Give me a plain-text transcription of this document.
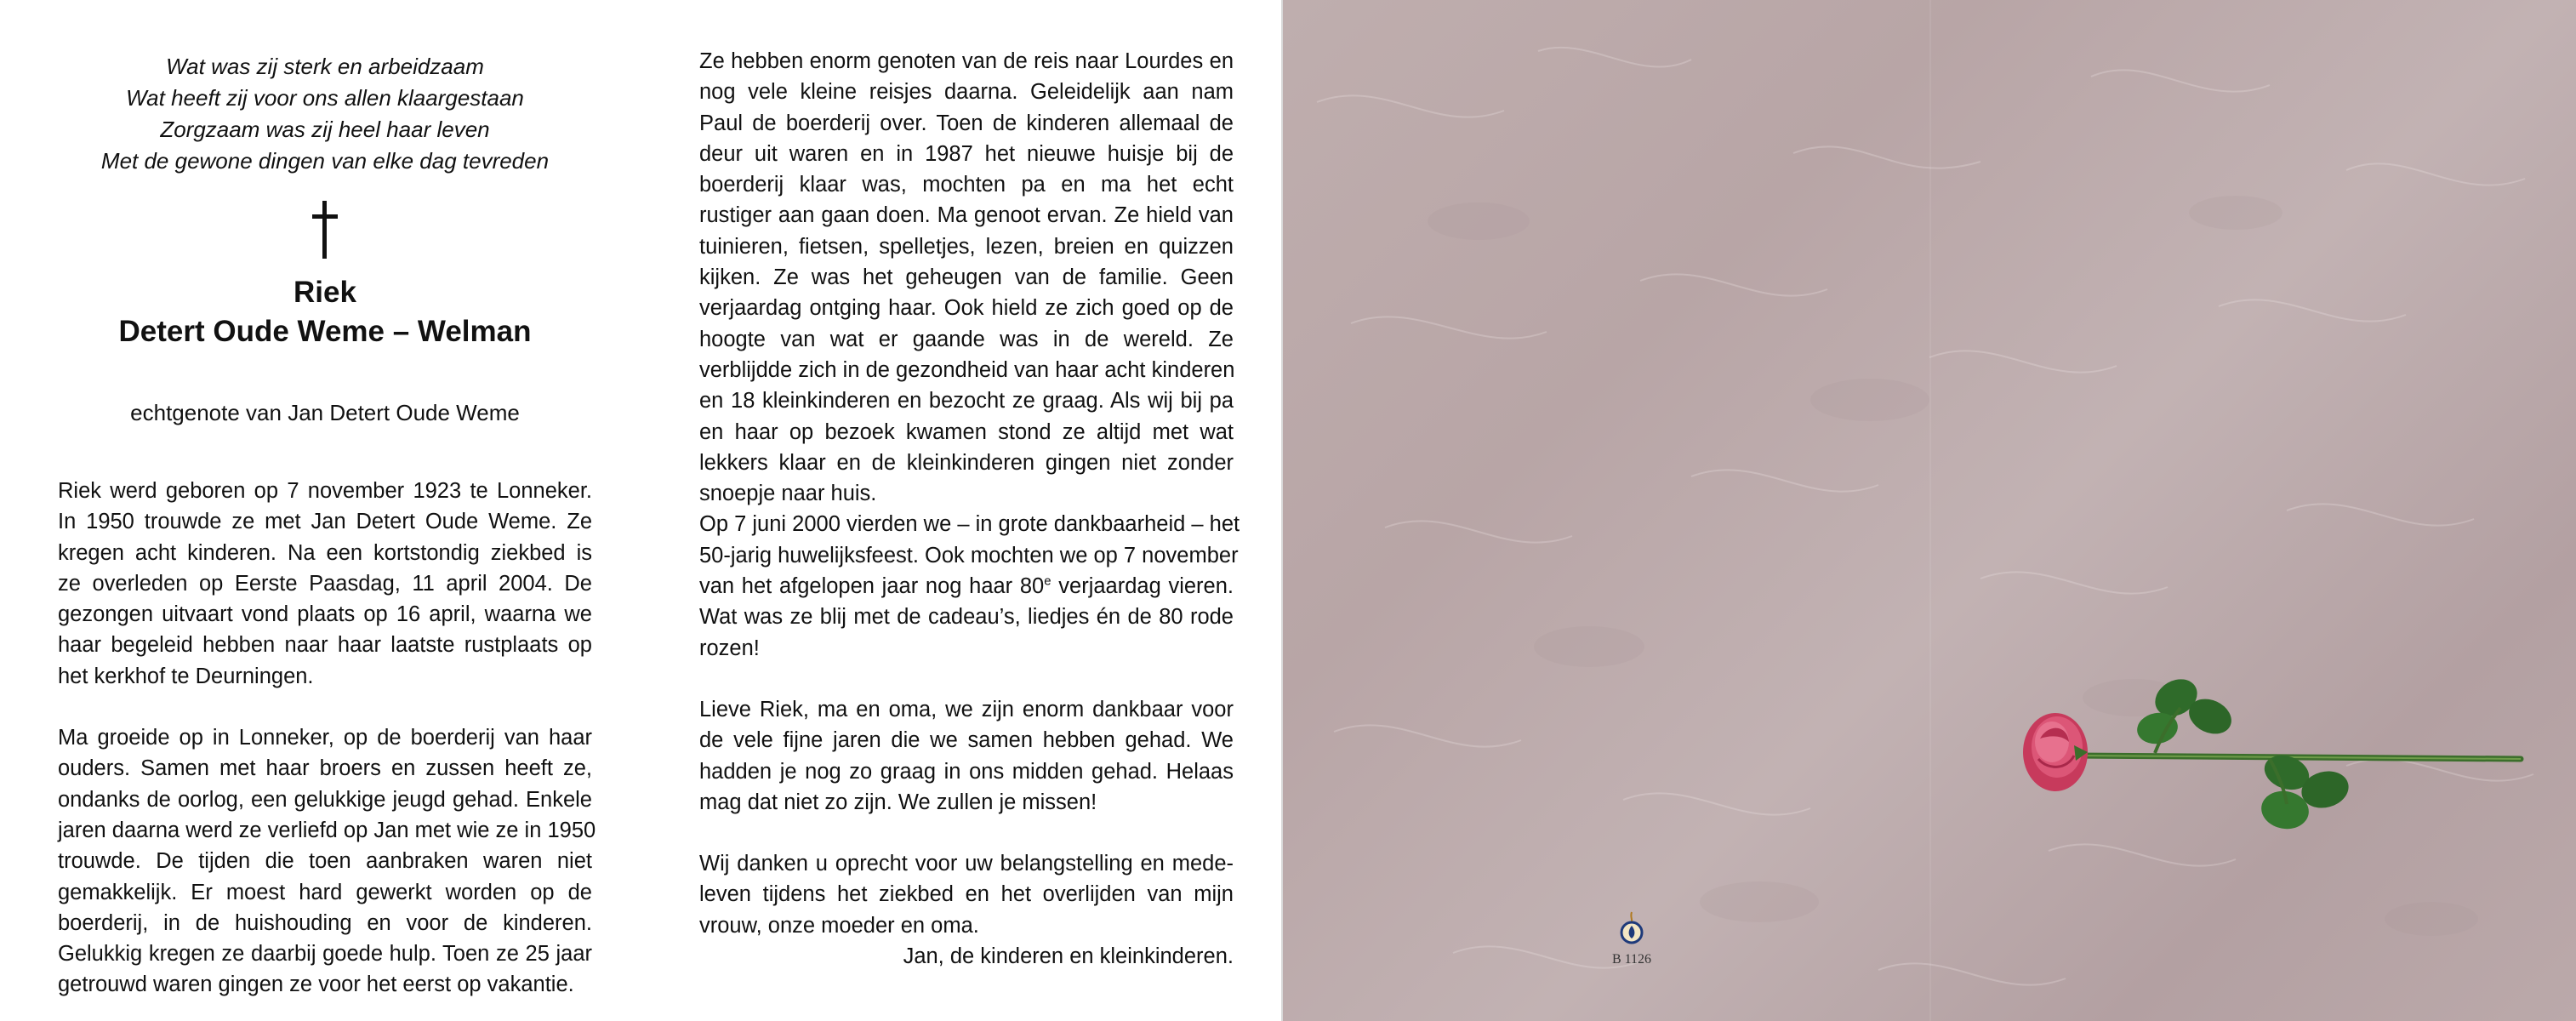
Wat was zij sterk en arbeidzaam
Wat heeft zij voor ons allen klaargestaan
Zorgzaam was zij heel haar leven
Met de gewone dingen van elke dag tevreden
Riek
Detert Oude Weme – Welman
echtgenote van Jan Detert Oude Weme
Riek werd geboren op 7 november 1923 te Lonneker.
In 1950 trouwde ze met Jan Detert Oude Weme. Ze
kregen acht kinderen. Na een kortstondig ziekbed is
ze overleden op Eerste Paasdag, 11 april 2004. De
gezongen uitvaart vond plaats op 16 april, waarna we
haar begeleid hebben naar haar laatste rustplaats op
het kerkhof te Deurningen.
Ma groeide op in Lonneker, op de boerderij van haar
ouders. Samen met haar broers en zussen heeft ze,
ondanks de oorlog, een gelukkige jeugd gehad. Enkele
jaren daarna werd ze verliefd op Jan met wie ze in 1950
trouwde. De tijden die toen aanbraken waren niet
gemakkelijk. Er moest hard gewerkt worden op de
boerderij, in de huishouding en voor de kinderen.
Gelukkig kregen ze daarbij goede hulp. Toen ze 25 jaar
getrouwd waren gingen ze voor het eerst op vakantie.
Ze hebben enorm genoten van de reis naar Lourdes en
nog vele kleine reisjes daarna. Geleidelijk aan nam
Paul de boerderij over. Toen de kinderen allemaal de
deur uit waren en in 1987 het nieuwe huisje bij de
boerderij klaar was, mochten pa en ma het echt
rustiger aan gaan doen. Ma genoot ervan. Ze hield van
tuinieren, fietsen, spelletjes, lezen, breien en quizzen
kijken. Ze was het geheugen van de familie. Geen
verjaardag ontging haar. Ook hield ze zich goed op de
hoogte van wat er gaande was in de wereld. Ze
verblijdde zich in de gezondheid van haar acht kinderen
en 18 kleinkinderen en bezocht ze graag. Als wij bij pa
en haar op bezoek kwamen stond ze altijd met wat
lekkers klaar en de kleinkinderen gingen niet zonder
snoepje naar huis.
Op 7 juni 2000 vierden we – in grote dankbaarheid – het
50-jarig huwelijksfeest. Ook mochten we op 7 november
van het afgelopen jaar nog haar 80e verjaardag vieren.
Wat was ze blij met de cadeau’s, liedjes én de 80 rode
rozen!
Lieve Riek, ma en oma, we zijn enorm dankbaar voor
de vele fijne jaren die we samen hebben gehad. We
hadden je nog zo graag in ons midden gehad. Helaas
mag dat niet zo zijn. We zullen je missen!
Wij danken u oprecht voor uw belangstelling en mede-
leven tijdens het ziekbed en het overlijden van mijn
vrouw, onze moeder en oma.
Jan, de kinderen en kleinkinderen.	B 1126
